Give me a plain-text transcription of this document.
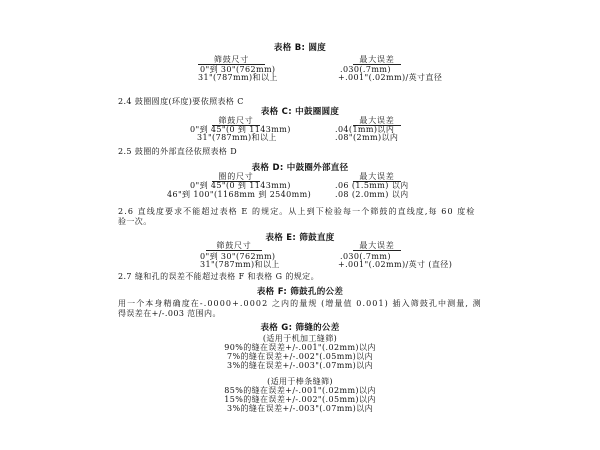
表格 B: 圆度
筛鼓尺寸	最大误差
0"到 30"(762mm)	.030(.7mm)
31"(787mm)和以上	+.001"(.02mm)/英寸直径
2.4 鼓圈圆度(环度)要依照表格 C
表格 C: 中鼓圈圆度
筛鼓尺寸	最大误差
0"到 45"(0 到 1143mm)	.04(1mm)以内
31"(787mm)和以上	.08"(2mm)以内
2.5 鼓圈的外部直径依照表格 D
表格 D: 中鼓圈外部直径
圈的尺寸	最大误差
0"到 45"(0 到 1143mm)	.06 (1.5mm) 以内
46"到 100"(1168mm 到 2540mm)	.08 (2.0mm) 以内
2.6 直线度要求不能超过表格 E 的规定。从上到下检验每一个筛鼓的直线度,每 60 度检
验一次。
表格 E: 筛鼓直度
筛鼓尺寸	最大误差
0"到 30"(762mm)	.030(.7mm)
31"(787mm)和以上	+.001"(.02mm)/英寸 (直径)
2.7 缝和孔的误差不能超过表格 F 和表格 G 的规定。
表格 F: 筛鼓孔的公差
用一个本身精确度在-.0000+.0002 之内的量规 (增量值 0.001) 插入筛鼓孔中测量, 测
得误差在+/-.003 范围内。
表格 G: 筛缝的公差
(适用于机加工缝筛)
90%的缝在误差+/-.001"(.02mm)以内
7%的缝在误差+/-.002"(.05mm)以内
3%的缝在误差+/-.003"(.07mm)以内
(适用于棒条缝筛)
85%的缝在误差+/-.001"(.02mm)以内
15%的缝在误差+/-.002"(.05mm)以内
3%的缝在误差+/-.003"(.07mm)以内
